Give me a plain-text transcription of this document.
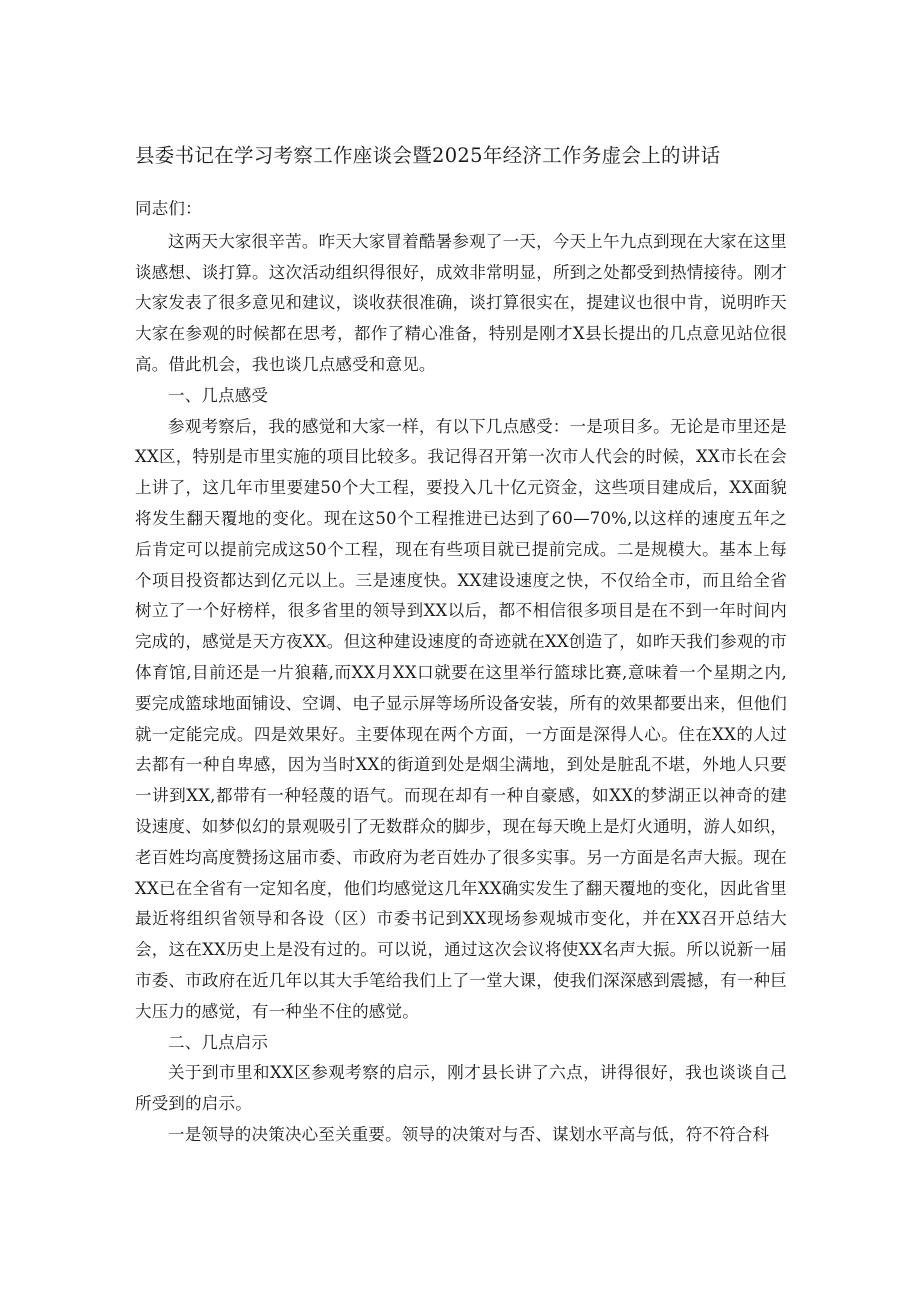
县委书记在学习考察工作座谈会暨2025年经济工作务虚会上的讲话

同志们：

这两天大家很辛苦。昨天大家冒着酷暑参观了一天，今天上午九点到现在大家在这里谈感想、谈打算。这次活动组织得很好，成效非常明显，所到之处都受到热情接待。刚才大家发表了很多意见和建议，谈收获很准确，谈打算很实在，提建议也很中肯，说明昨天大家在参观的时候都在思考，都作了精心准备，特别是刚才X县长提出的几点意见站位很高。借此机会，我也谈几点感受和意见。

一、几点感受

参观考察后，我的感觉和大家一样，有以下几点感受：一是项目多。无论是市里还是XX区，特别是市里实施的项目比较多。我记得召开第一次市人代会的时候，XX市长在会上讲了，这几年市里要建50个大工程，要投入几十亿元资金，这些项目建成后，XX面貌将发生翻天覆地的变化。现在这50个工程推进已达到了60—70%,以这样的速度五年之后肯定可以提前完成这50个工程，现在有些项目就已提前完成。二是规模大。基本上每个项目投资都达到亿元以上。三是速度快。XX建设速度之快，不仅给全市，而且给全省树立了一个好榜样，很多省里的领导到XX以后，都不相信很多项目是在不到一年时间内完成的，感觉是天方夜XX。但这种建设速度的奇迹就在XX创造了，如昨天我们参观的市体育馆,目前还是一片狼藉,而XX月XX口就要在这里举行篮球比赛,意味着一个星期之内,要完成篮球地面铺设、空调、电子显示屏等场所设备安装，所有的效果都要出来，但他们就一定能完成。四是效果好。主要体现在两个方面，一方面是深得人心。住在XX的人过去都有一种自卑感，因为当时XX的街道到处是烟尘满地，到处是脏乱不堪，外地人只要一讲到XX,都带有一种轻蔑的语气。而现在却有一种自豪感，如XX的梦湖正以神奇的建设速度、如梦似幻的景观吸引了无数群众的脚步，现在每天晚上是灯火通明，游人如织，老百姓均高度赞扬这届市委、市政府为老百姓办了很多实事。另一方面是名声大振。现在XX已在全省有一定知名度，他们均感觉这几年XX确实发生了翻天覆地的变化，因此省里最近将组织省领导和各设（区）市委书记到XX现场参观城市变化，并在XX召开总结大会，这在XX历史上是没有过的。可以说，通过这次会议将使XX名声大振。所以说新一届市委、市政府在近几年以其大手笔给我们上了一堂大课，使我们深深感到震撼，有一种巨大压力的感觉，有一种坐不住的感觉。

二、几点启示

关于到市里和XX区参观考察的启示，刚才县长讲了六点，讲得很好，我也谈谈自己所受到的启示。

一是领导的决策决心至关重要。领导的决策对与否、谋划水平高与低，符不符合科
